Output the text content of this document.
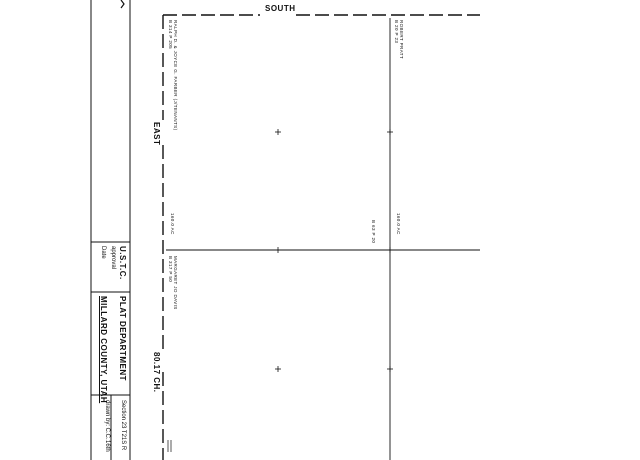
SOUTH
EAST
80.17 CH.
RALPH D. & JOYCE G. FARBER (J/TENANTS)
B 314 P 205	ROBERT PRATT
B 20 P 23
160.0 AC	160.0 AC
B 63 P 20
MARGARET JO DAVIS
B 317 P 50
U.S.T.C.
approval
Date
PLAT DEPARTMENT
MILLARD COUNTY, UTAH
Section 23 T21S R
drawn by: C.C.
16th
